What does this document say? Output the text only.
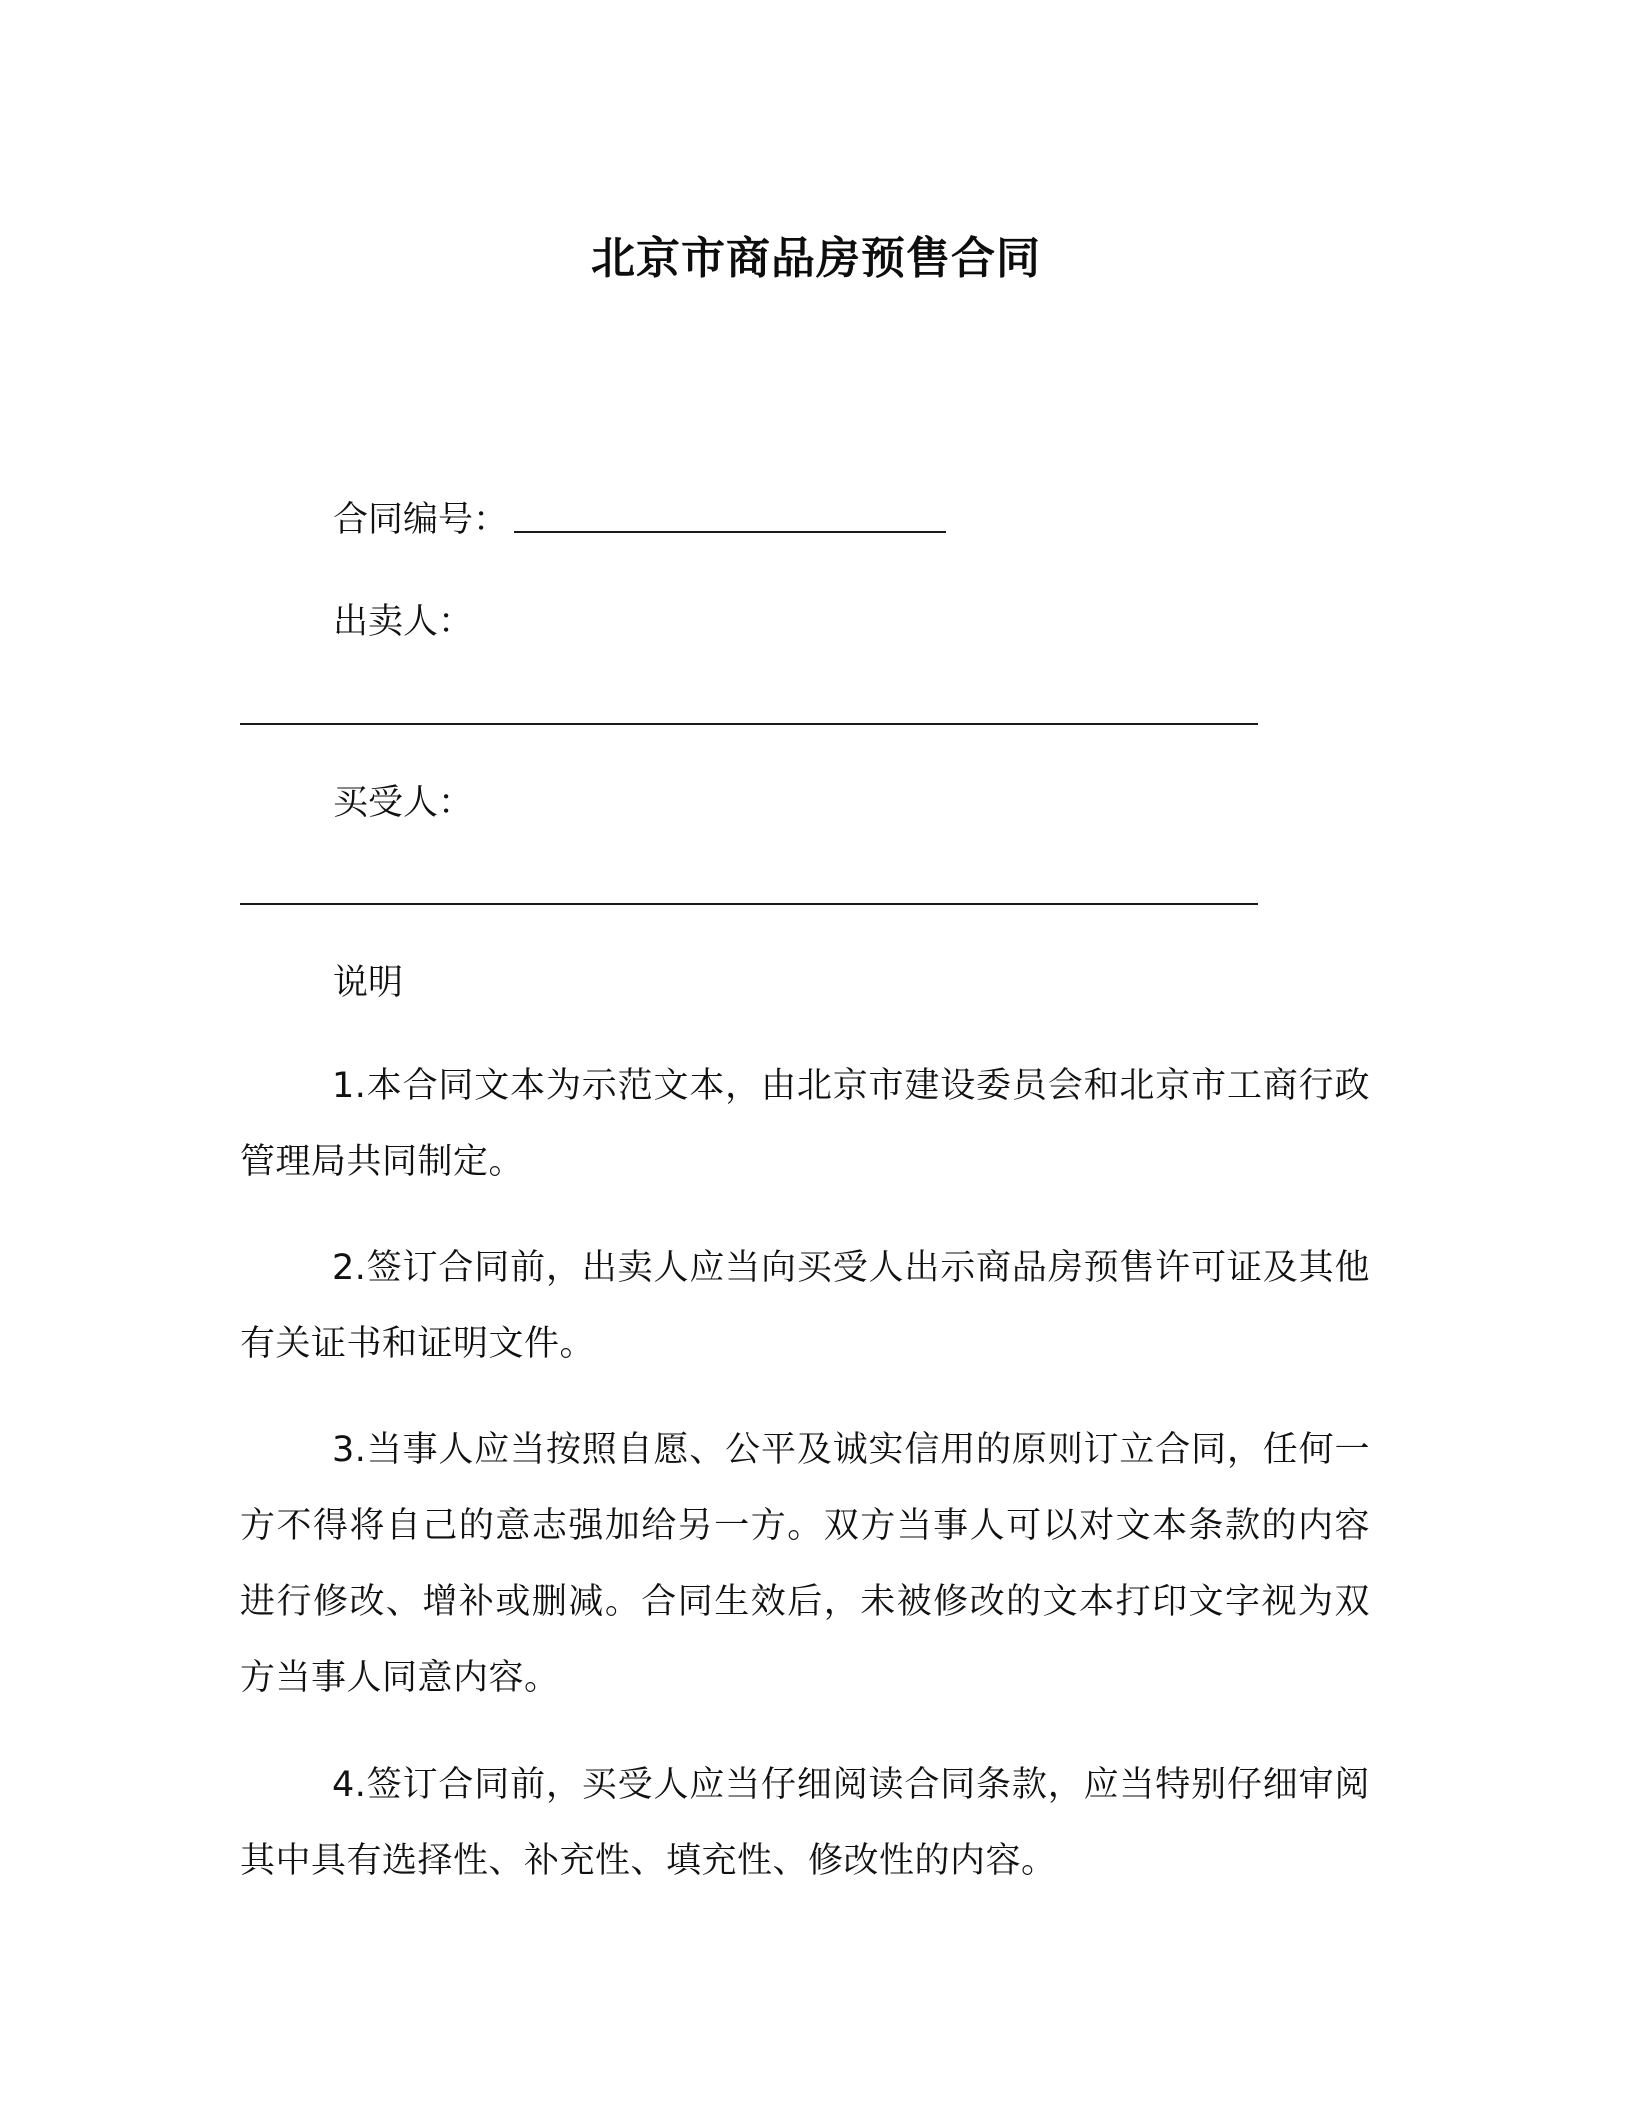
北京市商品房预售合同
合同编号：
出卖人：
买受人：
说明

1.本合同文本为示范文本，由北京市建设委员会和北京市工商行政管理局共同制定。

2.签订合同前，出卖人应当向买受人出示商品房预售许可证及其他有关证书和证明文件。

3.当事人应当按照自愿、公平及诚实信用的原则订立合同，任何一方不得将自己的意志强加给另一方。双方当事人可以对文本条款的内容进行修改、增补或删减。合同生效后，未被修改的文本打印文字视为双方当事人同意内容。

4.签订合同前，买受人应当仔细阅读合同条款，应当特别仔细审阅其中具有选择性、补充性、填充性、修改性的内容。
